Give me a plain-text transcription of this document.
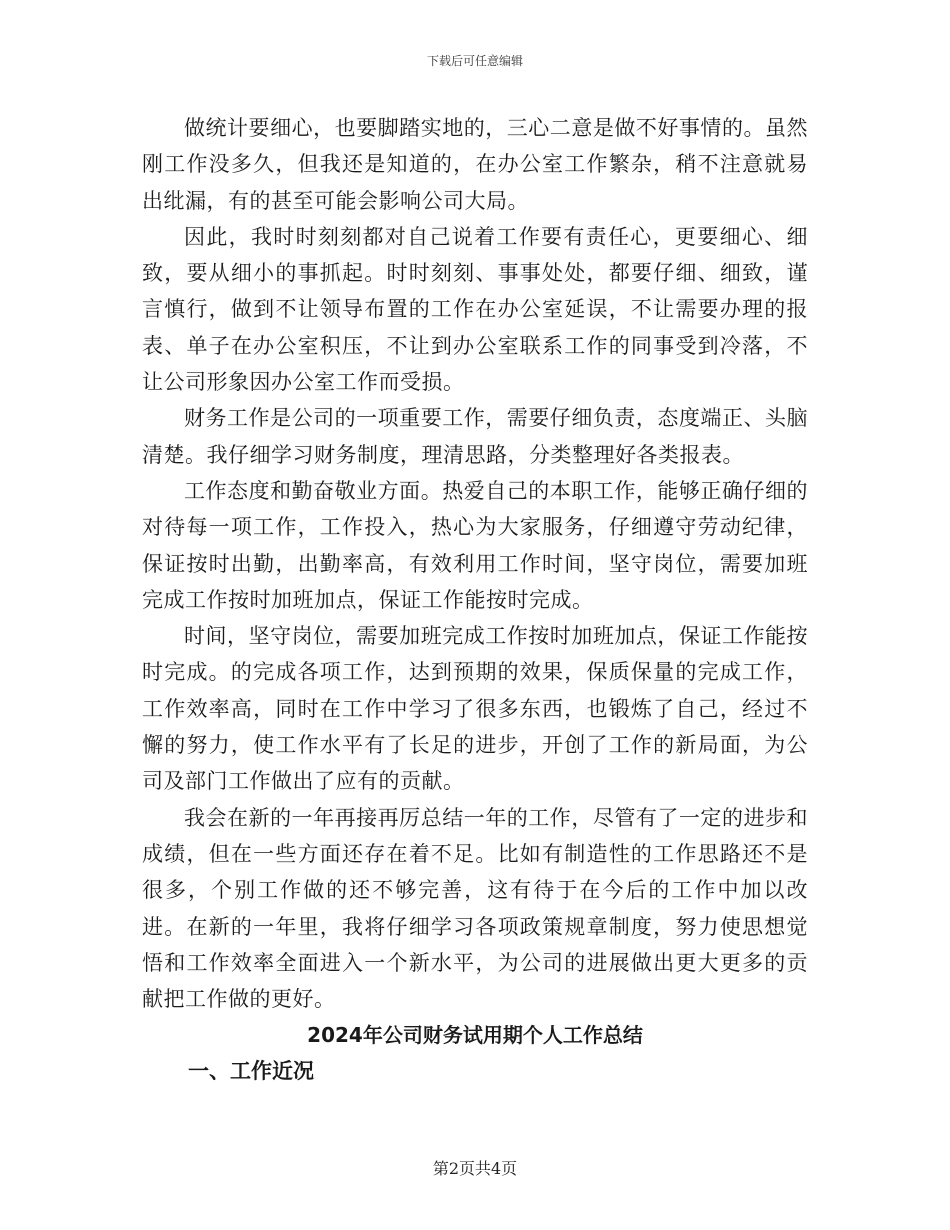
下载后可任意编辑

做统计要细心，也要脚踏实地的，三心二意是做不好事情的。虽然刚工作没多久，但我还是知道的，在办公室工作繁杂，稍不注意就易出纰漏，有的甚至可能会影响公司大局。

因此，我时时刻刻都对自己说着工作要有责任心，更要细心、细致，要从细小的事抓起。时时刻刻、事事处处，都要仔细、细致，谨言慎行，做到不让领导布置的工作在办公室延误，不让需要办理的报表、单子在办公室积压，不让到办公室联系工作的同事受到冷落，不让公司形象因办公室工作而受损。

财务工作是公司的一项重要工作，需要仔细负责，态度端正、头脑清楚。我仔细学习财务制度，理清思路，分类整理好各类报表。

工作态度和勤奋敬业方面。热爱自己的本职工作，能够正确仔细的对待每一项工作，工作投入，热心为大家服务，仔细遵守劳动纪律，保证按时出勤，出勤率高，有效利用工作时间，坚守岗位，需要加班完成工作按时加班加点，保证工作能按时完成。

时间，坚守岗位，需要加班完成工作按时加班加点，保证工作能按时完成。的完成各项工作，达到预期的效果，保质保量的完成工作，工作效率高，同时在工作中学习了很多东西，也锻炼了自己，经过不懈的努力，使工作水平有了长足的进步，开创了工作的新局面，为公司及部门工作做出了应有的贡献。

我会在新的一年再接再厉总结一年的工作，尽管有了一定的进步和成绩，但在一些方面还存在着不足。比如有制造性的工作思路还不是很多，个别工作做的还不够完善，这有待于在今后的工作中加以改进。在新的一年里，我将仔细学习各项政策规章制度，努力使思想觉悟和工作效率全面进入一个新水平，为公司的进展做出更大更多的贡献把工作做的更好。

2024年公司财务试用期个人工作总结
一、工作近况
第2页共4页
